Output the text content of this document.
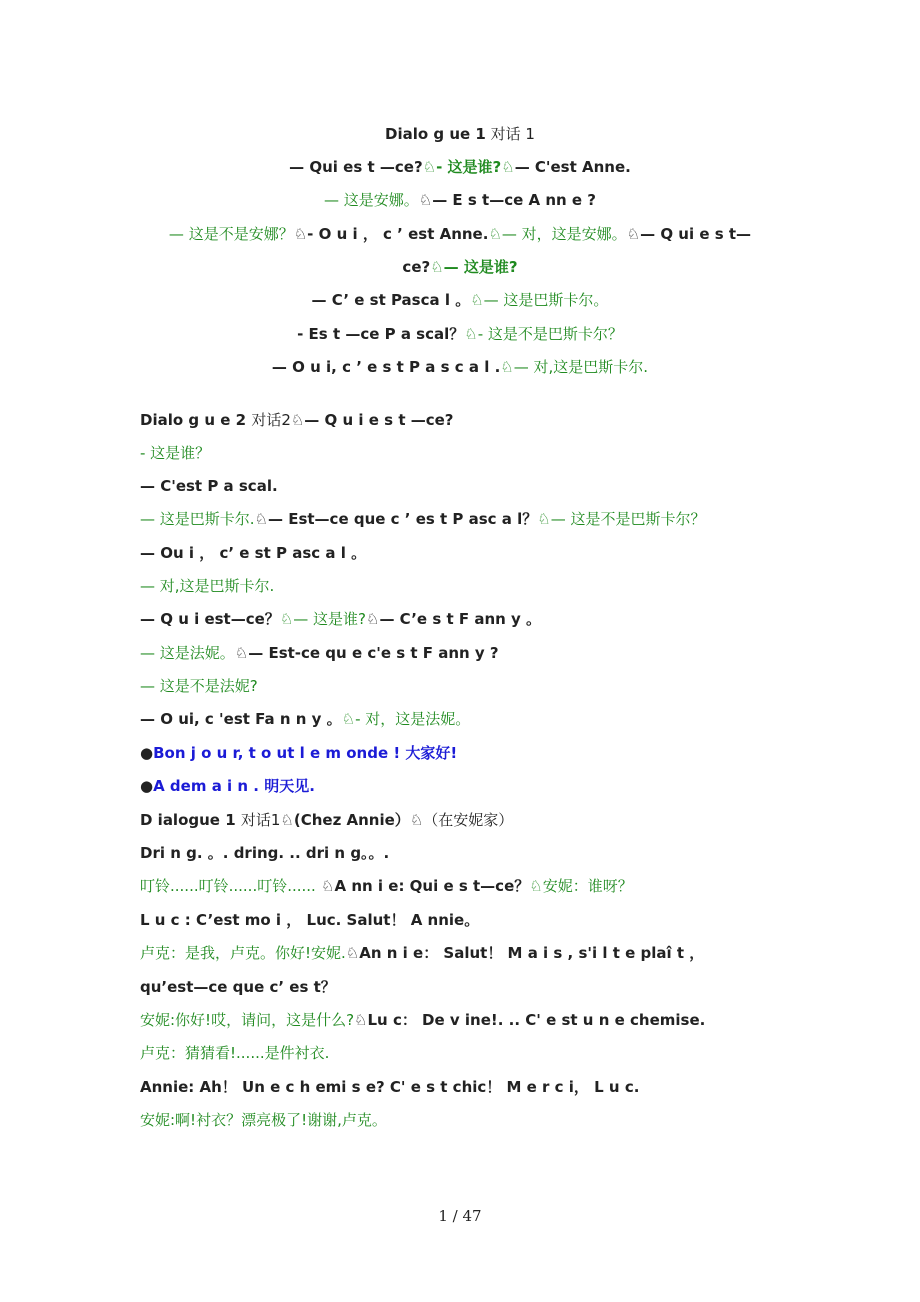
Dialo g ue 1 对话 1
— Qui es t —ce?♘- 这是谁?♘— C'est Anne.
— 这是安娜。♘— E s t—ce A nn e ?
— 这是不是安娜？♘- O u i ， c ’ est Anne.♘— 对，这是安娜。♘— Q ui e s t—
ce?♘— 这是谁?
— C’ e st Pasca l 。♘— 这是巴斯卡尔。
- Es t —ce P a scal？♘- 这是不是巴斯卡尔？
— O u i, c ’ e s t P a s c a l .♘— 对,这是巴斯卡尔.
Dialo g u e 2 对话2♘— Q u i e s t —ce?
- 这是谁？
— C'est P a scal.
— 这是巴斯卡尔.♘— Est—ce que c ’ es t P asc a l？♘— 这是不是巴斯卡尔？
— Ou i ， c’ e st P asc a l 。
— 对,这是巴斯卡尔.
— Q u i est—ce？♘— 这是谁?♘— C’e s t F ann y 。
— 这是法妮。♘— Est-ce qu e c'e s t F ann y ?
— 这是不是法妮?
— O ui, c 'est Fa n n y 。♘- 对，这是法妮。
●Bon j o u r, t o ut l e m onde ! 大家好!
●A dem a i n . 明天见.
D ialogue 1 对话1♘(Chez Annie）♘（在安妮家）
Dri n g. 。. dring. .. dri n g。。.
叮铃......叮铃......叮铃...... ♘A nn i e: Qui e s t—ce？♘安妮：谁呀？
L u c : C’est mo i ， Luc. Salut！ A nnie。
卢克：是我，卢克。你好!安妮.♘An n i e： Salut！ M a i s , s'i l t e plaî t ，
qu’est—ce que c’ es t？
安妮:你好!哎，请问，这是什么?♘Lu c： De v ine!. .. C' e st u n e chemise.
卢克：猜猜看!......是件衬衣.
Annie: Ah！ Un e c h emi s e? C' e s t chic！ M e r c i， L u c.
安妮:啊!衬衣？漂亮极了!谢谢,卢克。
1 / 47
